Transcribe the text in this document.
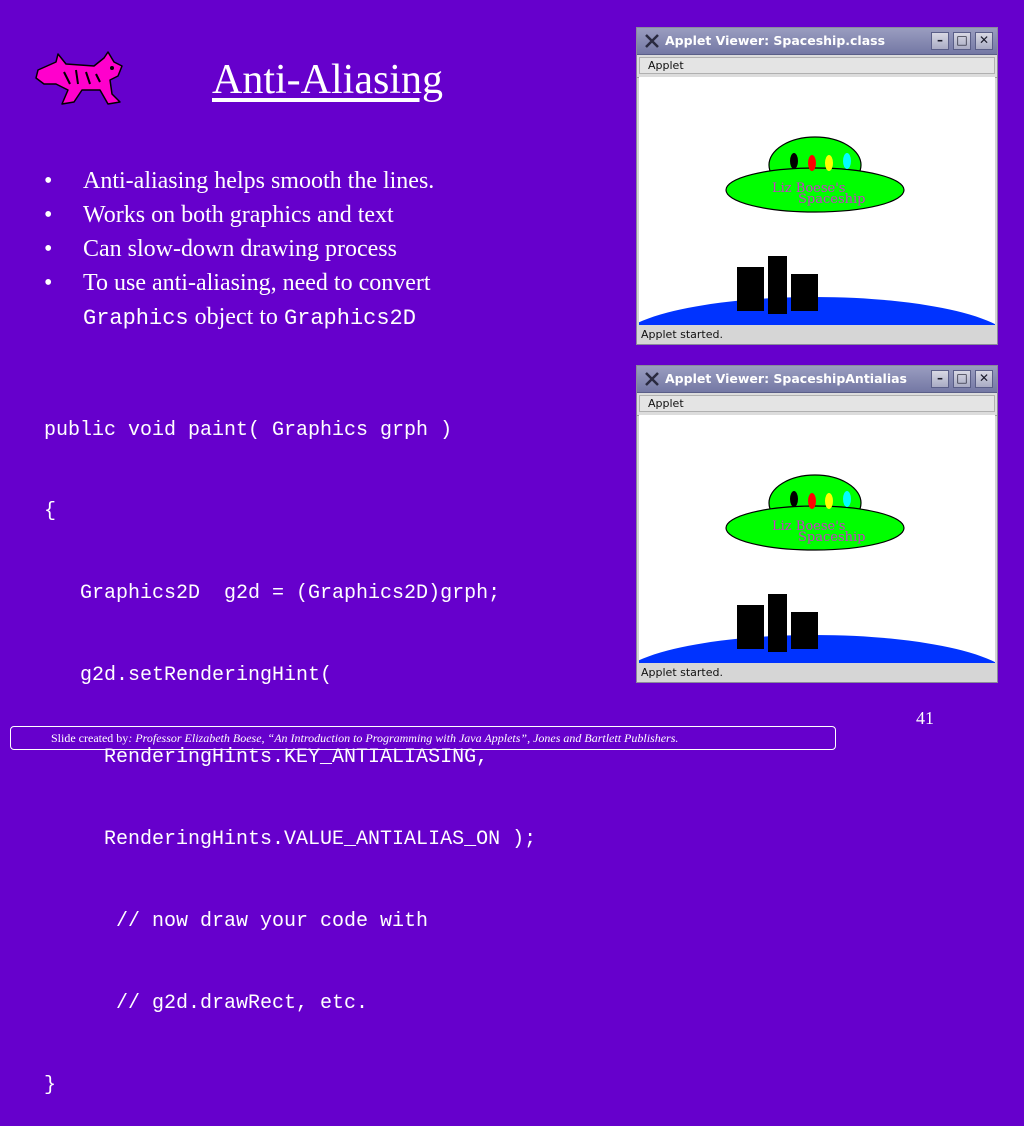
Anti-Aliasing
• Anti-aliasing helps smooth the lines.
• Works on both graphics and text
• Can slow-down drawing process
• To use anti-aliasing, need to convert
Graphics object to Graphics2D

public void paint( Graphics grph )

{

Graphics2D  g2d = (Graphics2D)grph;

g2d.setRenderingHint(

RenderingHints.KEY_ANTIALIASING,

RenderingHints.VALUE_ANTIALIAS_ON );

// now draw your code with

// g2d.drawRect, etc.

}

Applet Viewer: Spaceship.class	–	□ ✕
Applet
Liz Boese's
Spaceship
Applet started.
Applet Viewer: SpaceshipAntialias	–	□ ✕
Applet
Liz Boese's
Spaceship
Applet started.
41
Slide created by: Professor Elizabeth Boese, “An Introduction to Programming with Java Applets”, Jones and Bartlett Publishers.
